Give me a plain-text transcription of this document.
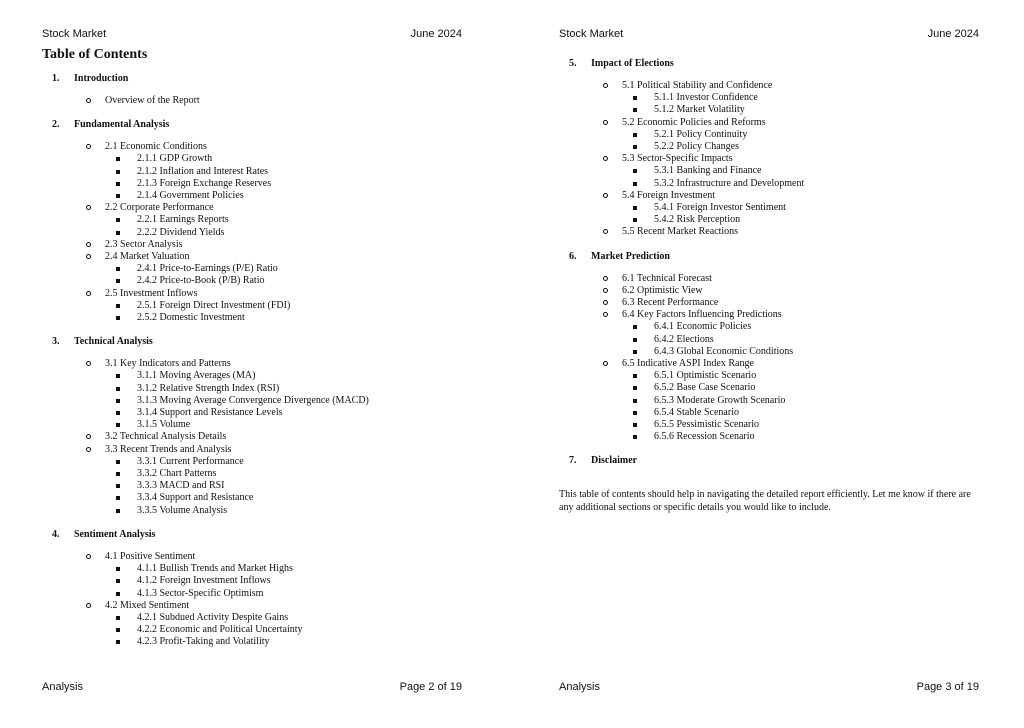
Stock Market	June 2024
Table of Contents
1.	Introduction
Overview of the Report
2.	Fundamental Analysis
2.1 Economic Conditions
2.1.1 GDP Growth
2.1.2 Inflation and Interest Rates
2.1.3 Foreign Exchange Reserves
2.1.4 Government Policies
2.2 Corporate Performance
2.2.1 Earnings Reports
2.2.2 Dividend Yields
2.3 Sector Analysis
2.4 Market Valuation
2.4.1 Price-to-Earnings (P/E) Ratio
2.4.2 Price-to-Book (P/B) Ratio
2.5 Investment Inflows
2.5.1 Foreign Direct Investment (FDI)
2.5.2 Domestic Investment
3.	Technical Analysis
3.1 Key Indicators and Patterns
3.1.1 Moving Averages (MA)
3.1.2 Relative Strength Index (RSI)
3.1.3 Moving Average Convergence Divergence (MACD)
3.1.4 Support and Resistance Levels
3.1.5 Volume
3.2 Technical Analysis Details
3.3 Recent Trends and Analysis
3.3.1 Current Performance
3.3.2 Chart Patterns
3.3.3 MACD and RSI
3.3.4 Support and Resistance
3.3.5 Volume Analysis
4.	Sentiment Analysis
4.1 Positive Sentiment
4.1.1 Bullish Trends and Market Highs
4.1.2 Foreign Investment Inflows
4.1.3 Sector-Specific Optimism
4.2 Mixed Sentiment
4.2.1 Subdued Activity Despite Gains
4.2.2 Economic and Political Uncertainty
4.2.3 Profit-Taking and Volatility
Analysis	Page 2 of 19
Stock Market	June 2024
5.	Impact of Elections
5.1 Political Stability and Confidence
5.1.1 Investor Confidence
5.1.2 Market Volatility
5.2 Economic Policies and Reforms
5.2.1 Policy Continuity
5.2.2 Policy Changes
5.3 Sector-Specific Impacts
5.3.1 Banking and Finance
5.3.2 Infrastructure and Development
5.4 Foreign Investment
5.4.1 Foreign Investor Sentiment
5.4.2 Risk Perception
5.5 Recent Market Reactions
6.	Market Prediction
6.1 Technical Forecast
6.2 Optimistic View
6.3 Recent Performance
6.4 Key Factors Influencing Predictions
6.4.1 Economic Policies
6.4.2 Elections
6.4.3 Global Economic Conditions
6.5 Indicative ASPI Index Range
6.5.1 Optimistic Scenario
6.5.2 Base Case Scenario
6.5.3 Moderate Growth Scenario
6.5.4 Stable Scenario
6.5.5 Pessimistic Scenario
6.5.6 Recession Scenario
7.	Disclaimer

This table of contents should help in navigating the detailed report efficiently. Let me know if there are any additional sections or specific details you would like to include.

Analysis	Page 3 of 19
